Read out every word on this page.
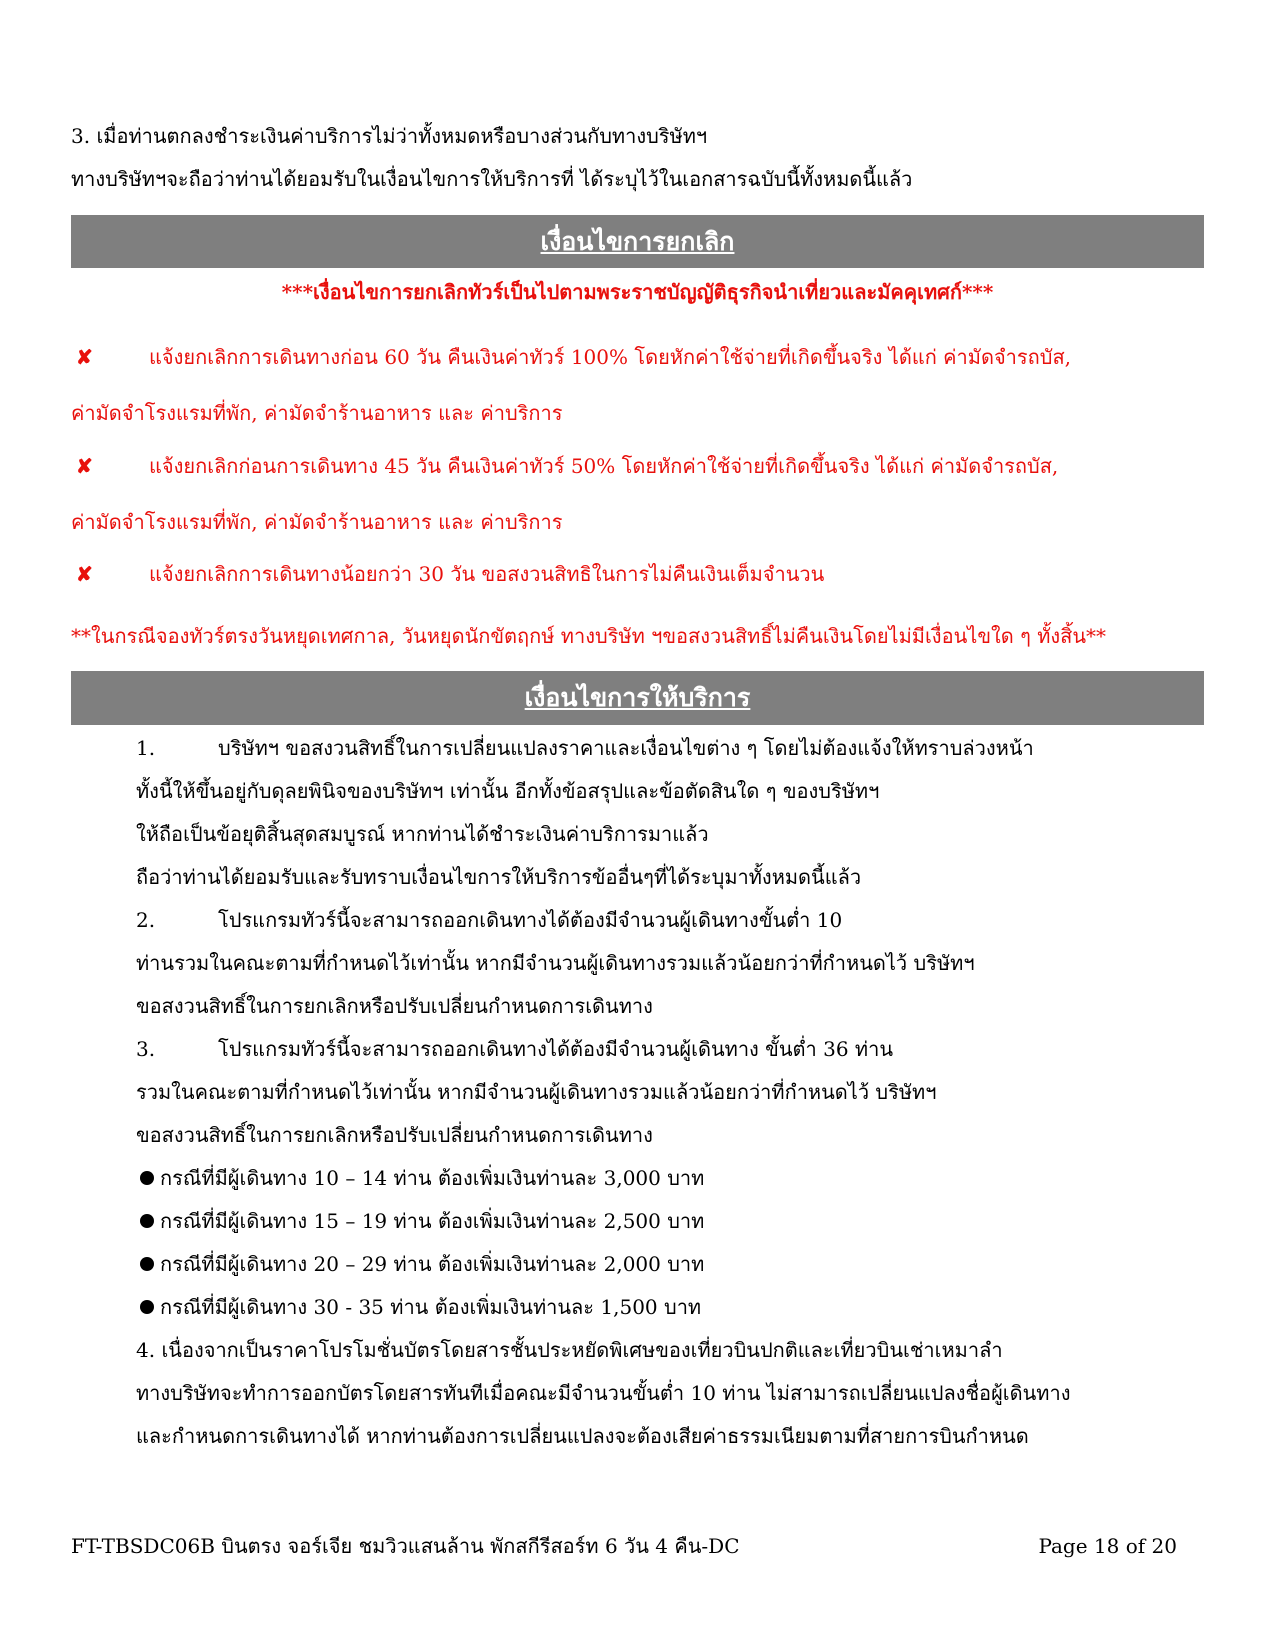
3. เมื่อท่านตกลงชำระเงินค่าบริการไม่ว่าทั้งหมดหรือบางส่วนกับทางบริษัทฯ
ทางบริษัทฯจะถือว่าท่านได้ยอมรับในเงื่อนไขการให้บริการที่ ได้ระบุไว้ในเอกสารฉบับนี้ทั้งหมดนี้แล้ว
เงื่อนไขการยกเลิก
***เงื่อนไขการยกเลิกทัวร์เป็นไปตามพระราชบัญญัติธุรกิจนำเที่ยวและมัคคุเทศก์***
✘	แจ้งยกเลิกการเดินทางก่อน 60 วัน คืนเงินค่าทัวร์ 100% โดยหักค่าใช้จ่ายที่เกิดขึ้นจริง ได้แก่ ค่ามัดจำรถบัส,
ค่ามัดจำโรงแรมที่พัก, ค่ามัดจำร้านอาหาร และ ค่าบริการ
✘	แจ้งยกเลิกก่อนการเดินทาง 45 วัน คืนเงินค่าทัวร์ 50% โดยหักค่าใช้จ่ายที่เกิดขึ้นจริง ได้แก่ ค่ามัดจำรถบัส,
ค่ามัดจำโรงแรมที่พัก, ค่ามัดจำร้านอาหาร และ ค่าบริการ
✘	แจ้งยกเลิกการเดินทางน้อยกว่า 30 วัน ขอสงวนสิทธิในการไม่คืนเงินเต็มจำนวน
**ในกรณีจองทัวร์ตรงวันหยุดเทศกาล, วันหยุดนักขัตฤกษ์ ทางบริษัท ฯขอสงวนสิทธิ์ไม่คืนเงินโดยไม่มีเงื่อนไขใด ๆ ทั้งสิ้น**
เงื่อนไขการให้บริการ
1.	บริษัทฯ ขอสงวนสิทธิ์ในการเปลี่ยนแปลงราคาและเงื่อนไขต่าง ๆ โดยไม่ต้องแจ้งให้ทราบล่วงหน้า
ทั้งนี้ให้ขึ้นอยู่กับดุลยพินิจของบริษัทฯ เท่านั้น อีกทั้งข้อสรุปและข้อตัดสินใด ๆ ของบริษัทฯ
ให้ถือเป็นข้อยุติสิ้นสุดสมบูรณ์ หากท่านได้ชำระเงินค่าบริการมาแล้ว
ถือว่าท่านได้ยอมรับและรับทราบเงื่อนไขการให้บริการข้ออื่นๆที่ได้ระบุมาทั้งหมดนี้แล้ว
2.	โปรแกรมทัวร์นี้จะสามารถออกเดินทางได้ต้องมีจำนวนผู้เดินทางขั้นต่ำ 10
ท่านรวมในคณะตามที่กำหนดไว้เท่านั้น หากมีจำนวนผู้เดินทางรวมแล้วน้อยกว่าที่กำหนดไว้ บริษัทฯ
ขอสงวนสิทธิ์ในการยกเลิกหรือปรับเปลี่ยนกำหนดการเดินทาง
3.	โปรแกรมทัวร์นี้จะสามารถออกเดินทางได้ต้องมีจำนวนผู้เดินทาง ขั้นต่ำ 36 ท่าน
รวมในคณะตามที่กำหนดไว้เท่านั้น หากมีจำนวนผู้เดินทางรวมแล้วน้อยกว่าที่กำหนดไว้ บริษัทฯ
ขอสงวนสิทธิ์ในการยกเลิกหรือปรับเปลี่ยนกำหนดการเดินทาง
กรณีที่มีผู้เดินทาง 10 – 14 ท่าน ต้องเพิ่มเงินท่านละ 3,000 บาท
กรณีที่มีผู้เดินทาง 15 – 19 ท่าน ต้องเพิ่มเงินท่านละ 2,500 บาท
กรณีที่มีผู้เดินทาง 20 – 29 ท่าน ต้องเพิ่มเงินท่านละ 2,000 บาท
กรณีที่มีผู้เดินทาง 30 - 35 ท่าน ต้องเพิ่มเงินท่านละ 1,500 บาท
4. เนื่องจากเป็นราคาโปรโมชั่นบัตรโดยสารชั้นประหยัดพิเศษของเที่ยวบินปกติและเที่ยวบินเช่าเหมาลำ
ทางบริษัทจะทำการออกบัตรโดยสารทันทีเมื่อคณะมีจำนวนขั้นต่ำ 10 ท่าน ไม่สามารถเปลี่ยนแปลงชื่อผู้เดินทาง
และกำหนดการเดินทางได้ หากท่านต้องการเปลี่ยนแปลงจะต้องเสียค่าธรรมเนียมตามที่สายการบินกำหนด
FT-TBSDC06B บินตรง จอร์เจีย ชมวิวแสนล้าน พักสกีรีสอร์ท 6 วัน 4 คืน-DC	Page 18 of 20
